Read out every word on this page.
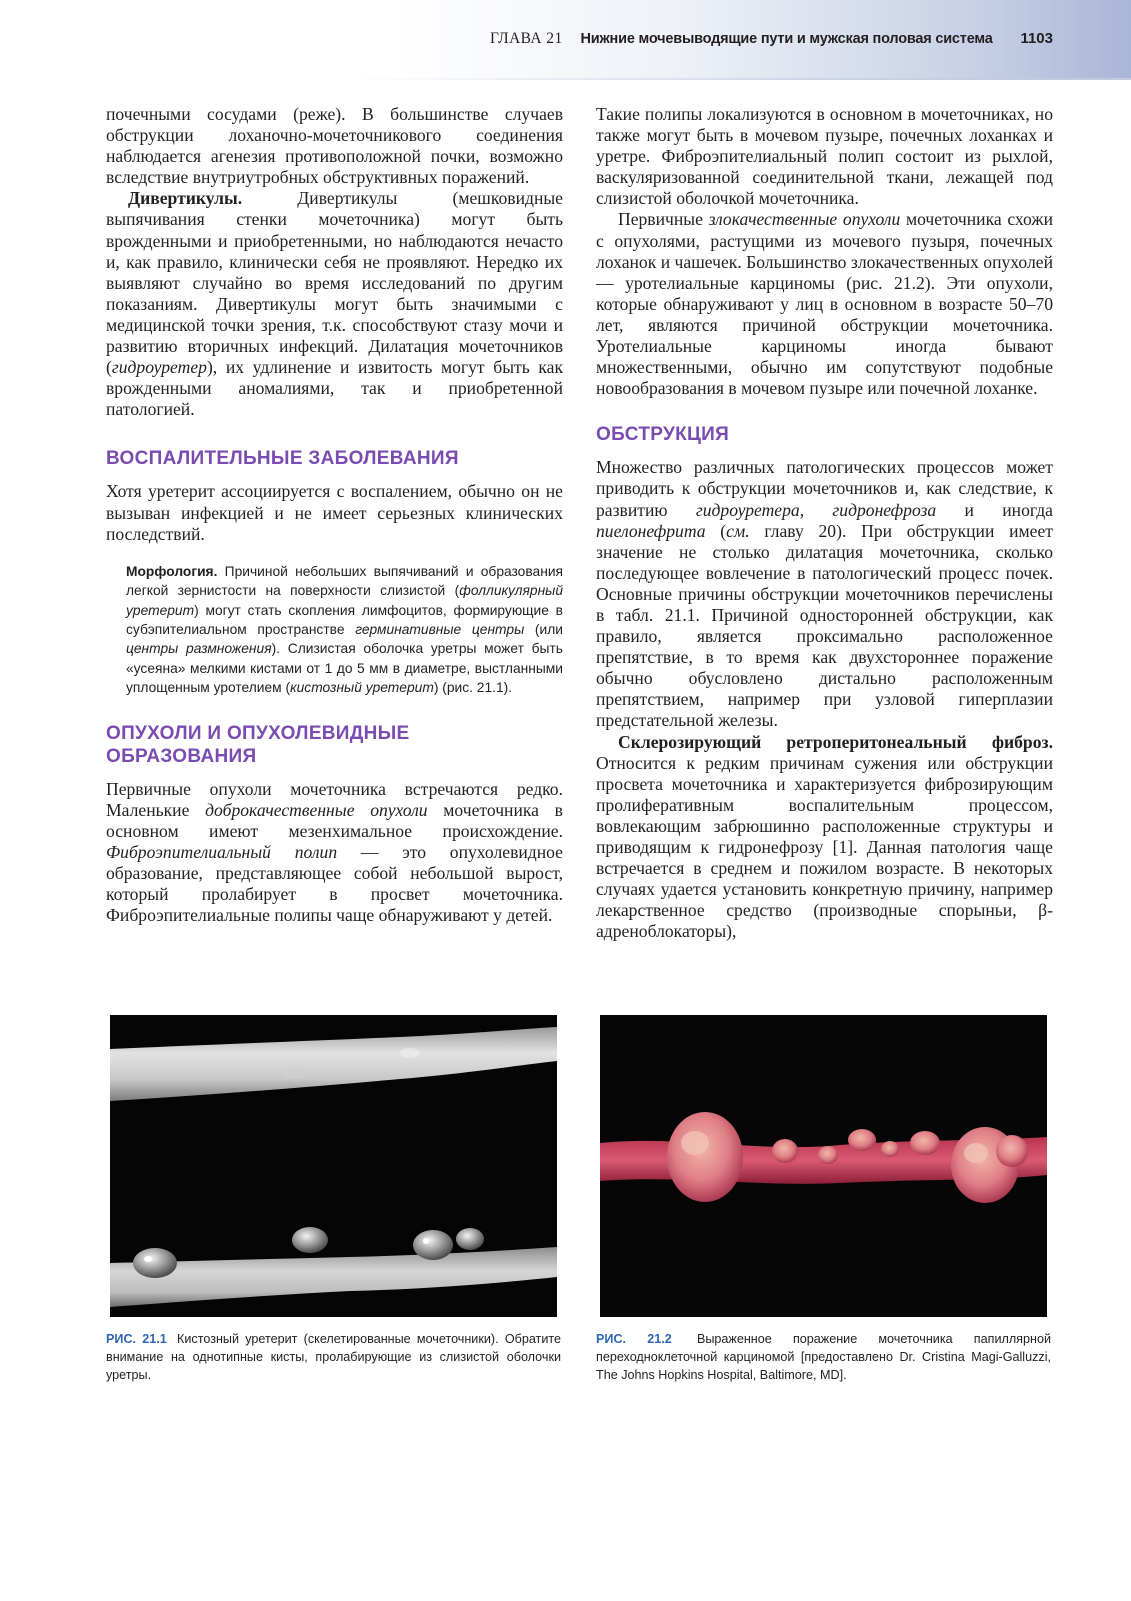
ГЛАВА 21 Нижние мочевыводящие пути и мужская половая система 1103

почечными сосудами (реже). В большинстве случаев обструкции лоханочно-мочеточникового соединения наблюдается агенезия противоположной почки, возможно вследствие внутриутробных обструктивных поражений.

Дивертикулы. Дивертикулы (мешковидные выпячивания стенки мочеточника) могут быть врожденными и приобретенными, но наблюдаются нечасто и, как правило, клинически себя не проявляют. Нередко их выявляют случайно во время исследований по другим показаниям. Дивертикулы могут быть значимыми с медицинской точки зрения, т.к. способствуют стазу мочи и развитию вторичных инфекций. Дилатация мочеточников (гидроуретер), их удлинение и извитость могут быть как врожденными аномалиями, так и приобретенной патологией.

ВОСПАЛИТЕЛЬНЫЕ ЗАБОЛЕВАНИЯ

Хотя уретерит ассоциируется с воспалением, обычно он не вызыван инфекцией и не имеет серьезных клинических последствий.

Морфология. Причиной небольших выпячиваний и образования легкой зернистости на поверхности слизистой (фолликулярный уретерит) могут стать скопления лимфоцитов, формирующие в субэпителиальном пространстве герминативные центры (или центры размножения). Слизистая оболочка уретры может быть «усеяна» мелкими кистами от 1 до 5 мм в диаметре, выстланными уплощенным уротелием (кистозный уретерит) (рис. 21.1).

ОПУХОЛИ И ОПУХОЛЕВИДНЫЕ ОБРАЗОВАНИЯ

Первичные опухоли мочеточника встречаются редко. Маленькие доброкачественные опухоли мочеточника в основном имеют мезенхимальное происхождение. Фиброэпителиальный полип — это опухолевидное образование, представляющее собой небольшой вырост, который пролабирует в просвет мочеточника. Фиброэпителиальные полипы чаще обнаруживают у детей.

Такие полипы локализуются в основном в мочеточниках, но также могут быть в мочевом пузыре, почечных лоханках и уретре. Фиброэпителиальный полип состоит из рыхлой, васкуляризованной соединительной ткани, лежащей под слизистой оболочкой мочеточника.

Первичные злокачественные опухоли мочеточника схожи с опухолями, растущими из мочевого пузыря, почечных лоханок и чашечек. Большинство злокачественных опухолей — уротелиальные карциномы (рис. 21.2). Эти опухоли, которые обнаруживают у лиц в основном в возрасте 50–70 лет, являются причиной обструкции мочеточника. Уротелиальные карциномы иногда бывают множественными, обычно им сопутствуют подобные новообразования в мочевом пузыре или почечной лоханке.

ОБСТРУКЦИЯ

Множество различных патологических процессов может приводить к обструкции мочеточников и, как следствие, к развитию гидроуретера, гидронефроза и иногда пиелонефрита (см. главу 20). При обструкции имеет значение не столько дилатация мочеточника, сколько последующее вовлечение в патологический процесс почек. Основные причины обструкции мочеточников перечислены в табл. 21.1. Причиной односторонней обструкции, как правило, является проксимально расположенное препятствие, в то время как двухстороннее поражение обычно обусловлено дистально расположенным препятствием, например при узловой гиперплазии предстательной железы.

Склерозирующий ретроперитонеальный фиброз. Относится к редким причинам сужения или обструкции просвета мочеточника и характеризуется фиброзирующим пролиферативным воспалительным процессом, вовлекающим забрюшинно расположенные структуры и приводящим к гидронефрозу [1]. Данная патология чаще встречается в среднем и пожилом возрасте. В некоторых случаях удается установить конкретную причину, например лекарственное средство (производные спорыньи, β-адреноблокаторы),

РИС. 21.1 Кистозный уретерит (скелетированные мочеточники). Обратите внимание на однотипные кисты, пролабирующие из слизистой оболочки уретры.
РИС. 21.2 Выраженное поражение мочеточника папиллярной переходноклеточной карциномой [предоставлено Dr. Cristina Magi-Galluzzi, The Johns Hopkins Hospital, Baltimore, MD].
